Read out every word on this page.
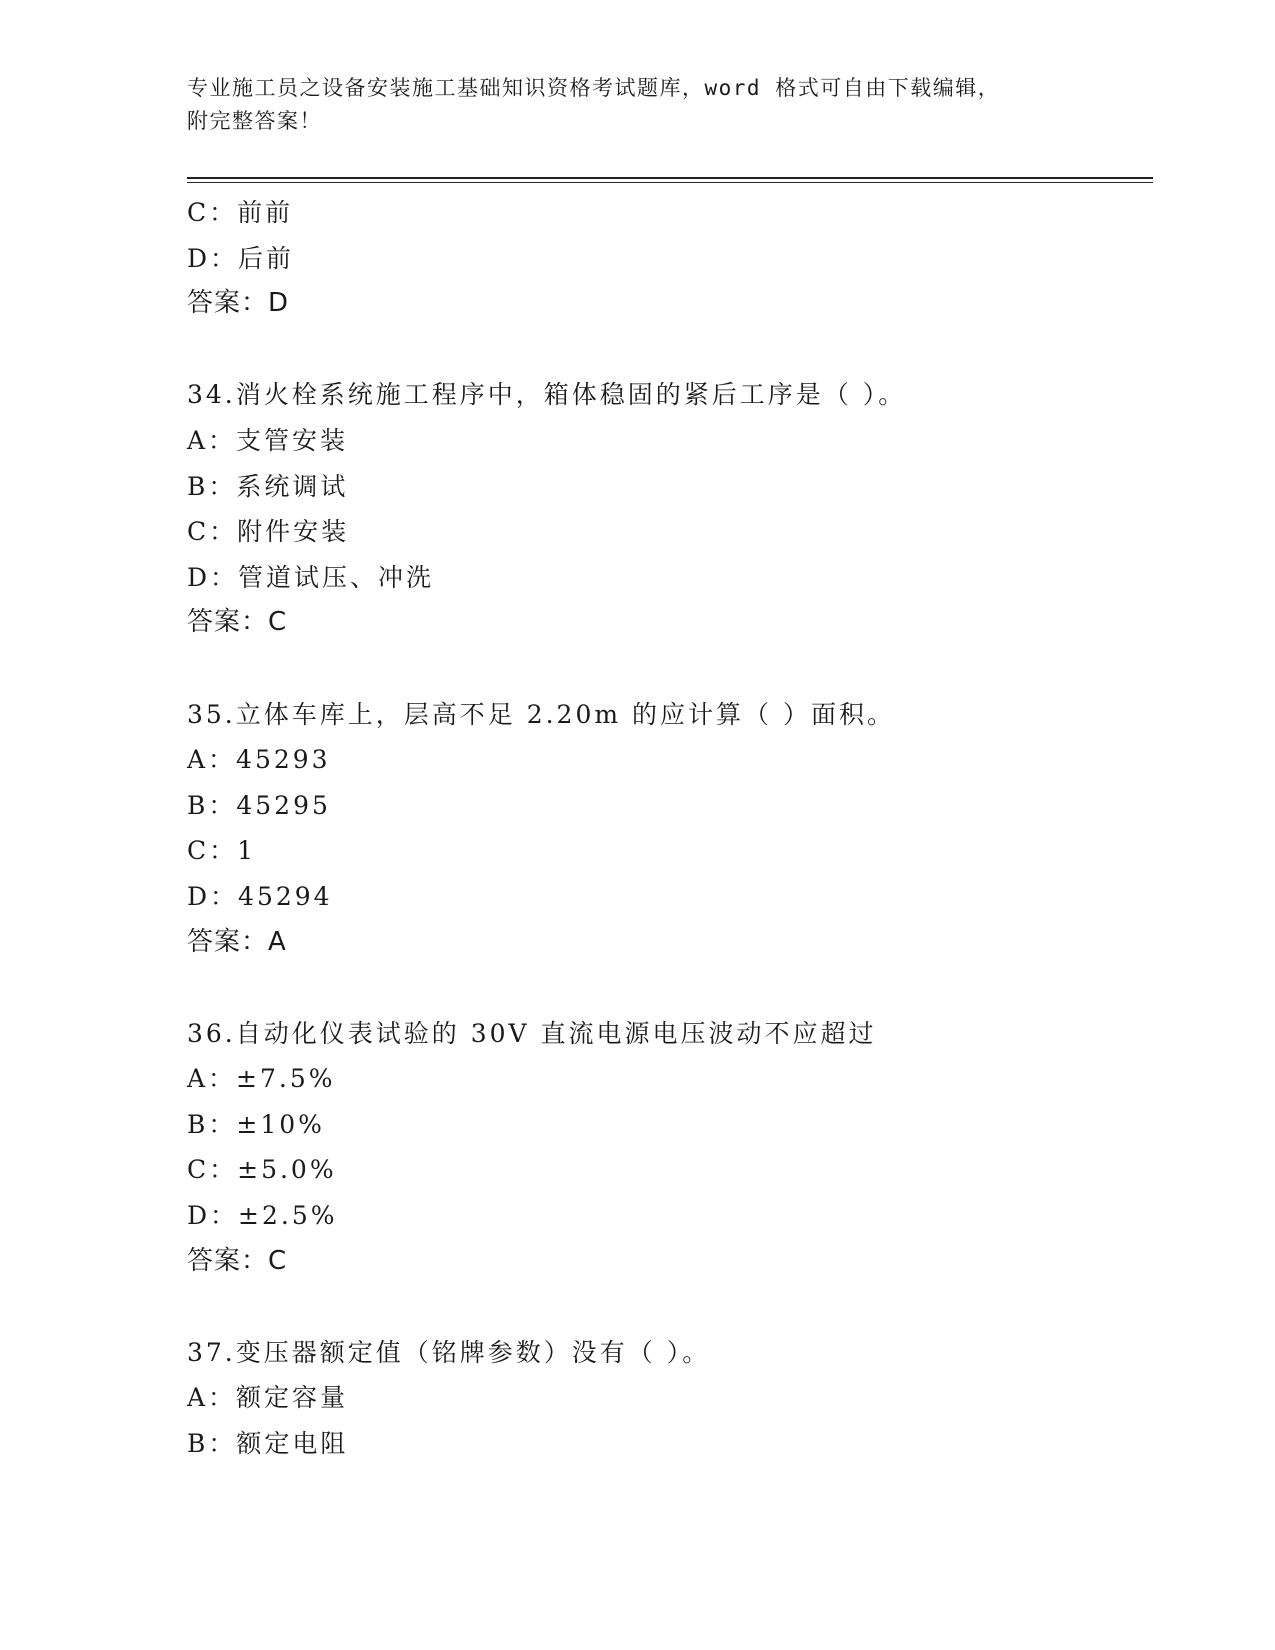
专业施工员之设备安装施工基础知识资格考试题库，word 格式可自由下载编辑，
附完整答案！
C：前前
D：后前
答案：D
34.消火栓系统施工程序中，箱体稳固的紧后工序是（ ）。
A：支管安装
B：系统调试
C：附件安装
D：管道试压、冲洗
答案：C
35.立体车库上，层高不足 2.20m 的应计算（ ）面积。
A：45293
B：45295
C：1
D：45294
答案：A
36.自动化仪表试验的 30V 直流电源电压波动不应超过
A：±7.5%
B：±10%
C：±5.0%
D：±2.5%
答案：C
37.变压器额定值（铭牌参数）没有（ ）。
A：额定容量
B：额定电阻
